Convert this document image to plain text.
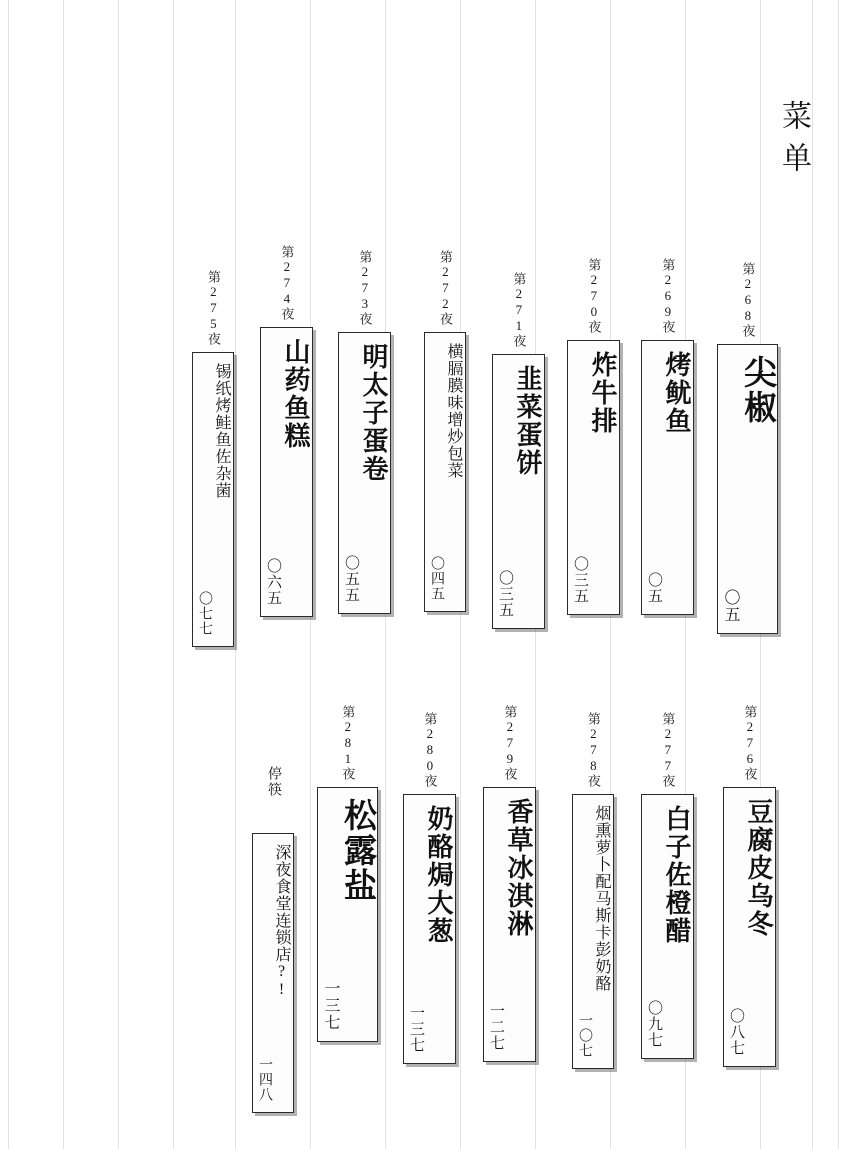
菜单
第268夜
尖椒
〇五
第269夜
烤鱿鱼
〇五
第270夜
炸牛排
〇三五
第271夜
韭菜蛋饼
〇三五
第272夜
横膈膜味增炒包菜
〇四五
第273夜
明太子蛋卷
〇五五
第274夜
山药鱼糕
〇六五
第275夜
锡纸烤鲑鱼佐杂菌
〇七七
第276夜
豆腐皮乌冬
〇八七
第277夜
白子佐橙醋
〇九七
第278夜
烟熏萝卜配马斯卡彭奶酪
一〇七
第279夜
香草冰淇淋
一二七
第280夜
奶酪焗大葱
一三七
第281夜
松露盐
一三七
停筷
深夜食堂连锁店?!
一四八
